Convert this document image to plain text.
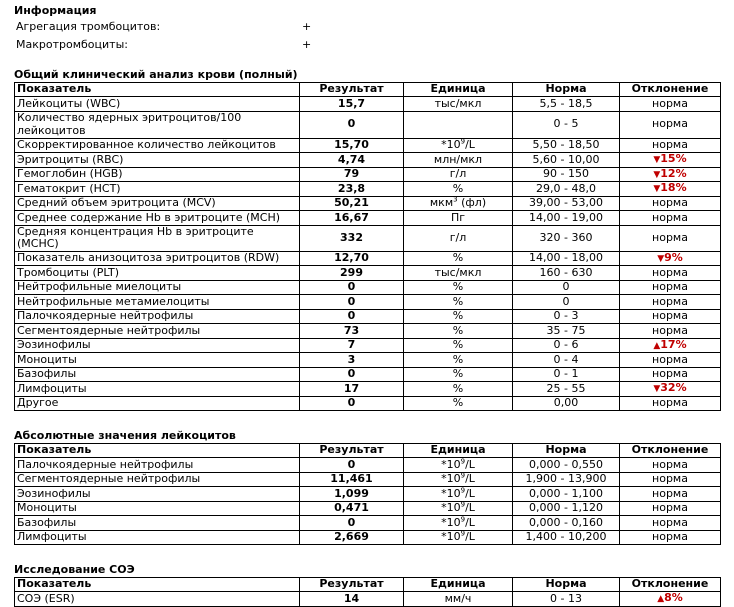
Информация
Агрегация тромбоцитов:	+
Макротромбоциты:	+
Общий клинический анализ крови (полный)
Показатель	Результат	Единица	Норма	Отклонение
Лейкоциты (WBC)	15,7	тыс/мкл	5,5 - 18,5	норма
Количество ядерных эритроцитов/100 лейкоцитов	0		0 - 5	норма
Скорректированное количество лейкоцитов	15,70	$*10^9/L$	5,50 - 18,50	норма
Эритроциты (RBC)	4,74	млн/мкл	5,60 - 10,00	▼15%
Гемоглобин (HGB)	79	г/л	90 - 150	▼12%
Гематокрит (HCT)	23,8	%	29,0 - 48,0	▼18%
Средний объем эритроцита (MCV)	50,21	мкм$^3$ (фл)	39,00 - 53,00	норма
Среднее содержание Hb в эритроците (MCH)	16,67	Пг	14,00 - 19,00	норма
Средняя концентрация Hb в эритроците (MCHC)	332	г/л	320 - 360	норма
Показатель анизоцитоза эритроцитов (RDW)	12,70	%	14,00 - 18,00	▼9%
Тромбоциты (PLT)	299	тыс/мкл	160 - 630	норма
Нейтрофильные миелоциты	0	%	0	норма
Нейтрофильные метамиелоциты	0	%	0	норма
Палочкоядерные нейтрофилы	0	%	0 - 3	норма
Сегментоядерные нейтрофилы	73	%	35 - 75	норма
Эозинофилы	7	%	0 - 6	▲17%
Моноциты	3	%	0 - 4	норма
Базофилы	0	%	0 - 1	норма
Лимфоциты	17	%	25 - 55	▼32%
Другое	0	%	0,00	норма
Абсолютные значения лейкоцитов
Показатель	Результат	Единица	Норма	Отклонение
Палочкоядерные нейтрофилы	0	$*10^9/L$	0,000 - 0,550	норма
Сегментоядерные нейтрофилы	11,461	$*10^9/L$	1,900 - 13,900	норма
Эозинофилы	1,099	$*10^9/L$	0,000 - 1,100	норма
Моноциты	0,471	$*10^9/L$	0,000 - 1,120	норма
Базофилы	0	$*10^9/L$	0,000 - 0,160	норма
Лимфоциты	2,669	$*10^9/L$	1,400 - 10,200	норма
Исследование СОЭ
Показатель	Результат	Единица	Норма	Отклонение
СОЭ (ESR)	14	мм/ч	0 - 13	▲8%
